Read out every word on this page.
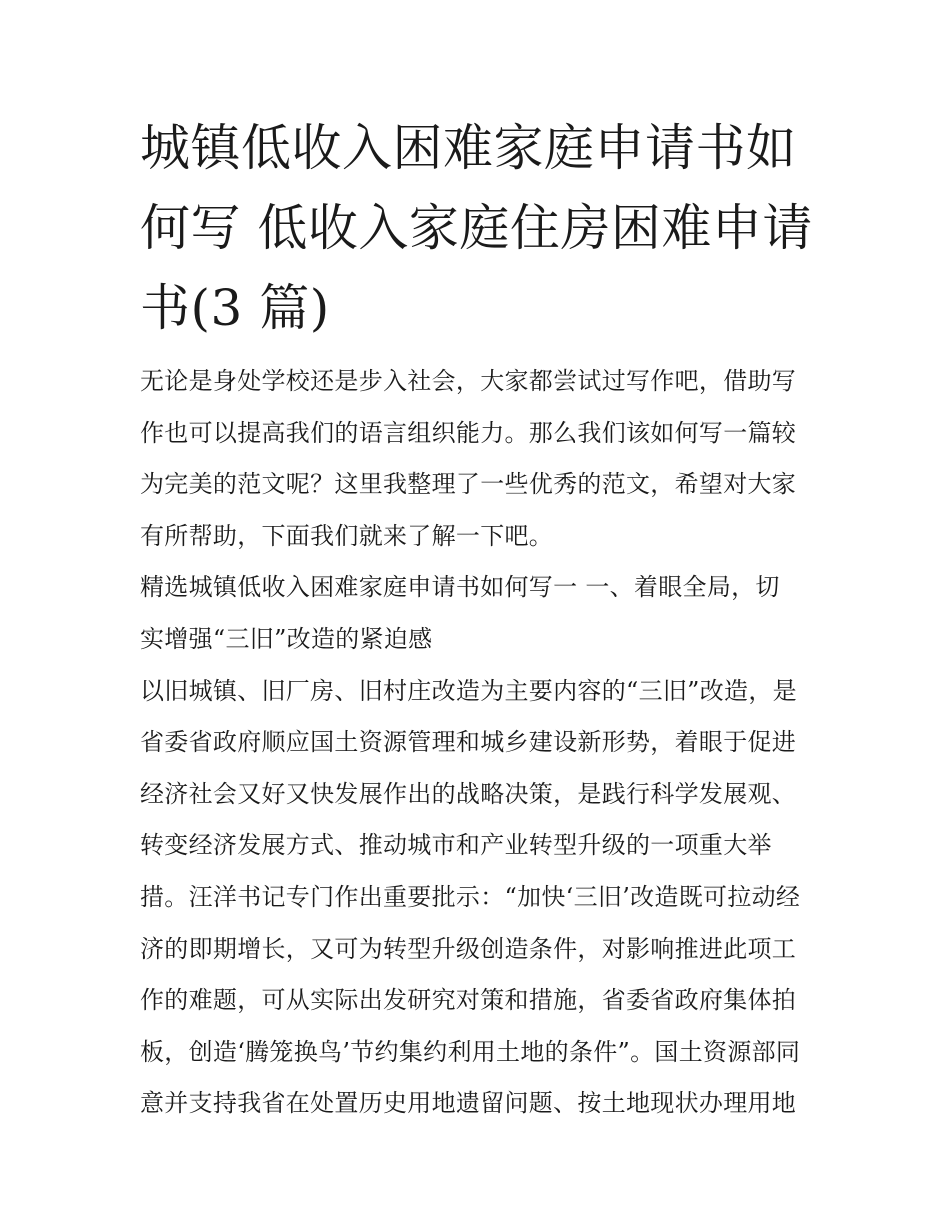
城镇低收入困难家庭申请书如
何写 低收入家庭住房困难申请
书(3 篇)
无论是身处学校还是步入社会，大家都尝试过写作吧，借助写
作也可以提高我们的语言组织能力。那么我们该如何写一篇较
为完美的范文呢？这里我整理了一些优秀的范文，希望对大家
有所帮助，下面我们就来了解一下吧。
精选城镇低收入困难家庭申请书如何写一 一、着眼全局，切
实增强“三旧”改造的紧迫感
以旧城镇、旧厂房、旧村庄改造为主要内容的“三旧”改造，是
省委省政府顺应国土资源管理和城乡建设新形势，着眼于促进
经济社会又好又快发展作出的战略决策，是践行科学发展观、
转变经济发展方式、推动城市和产业转型升级的一项重大举
措。汪洋书记专门作出重要批示：“加快‘三旧’改造既可拉动经
济的即期增长，又可为转型升级创造条件，对影响推进此项工
作的难题，可从实际出发研究对策和措施，省委省政府集体拍
板，创造‘腾笼换鸟’节约集约利用土地的条件”。国土资源部同
意并支持我省在处置历史用地遗留问题、按土地现状办理用地
